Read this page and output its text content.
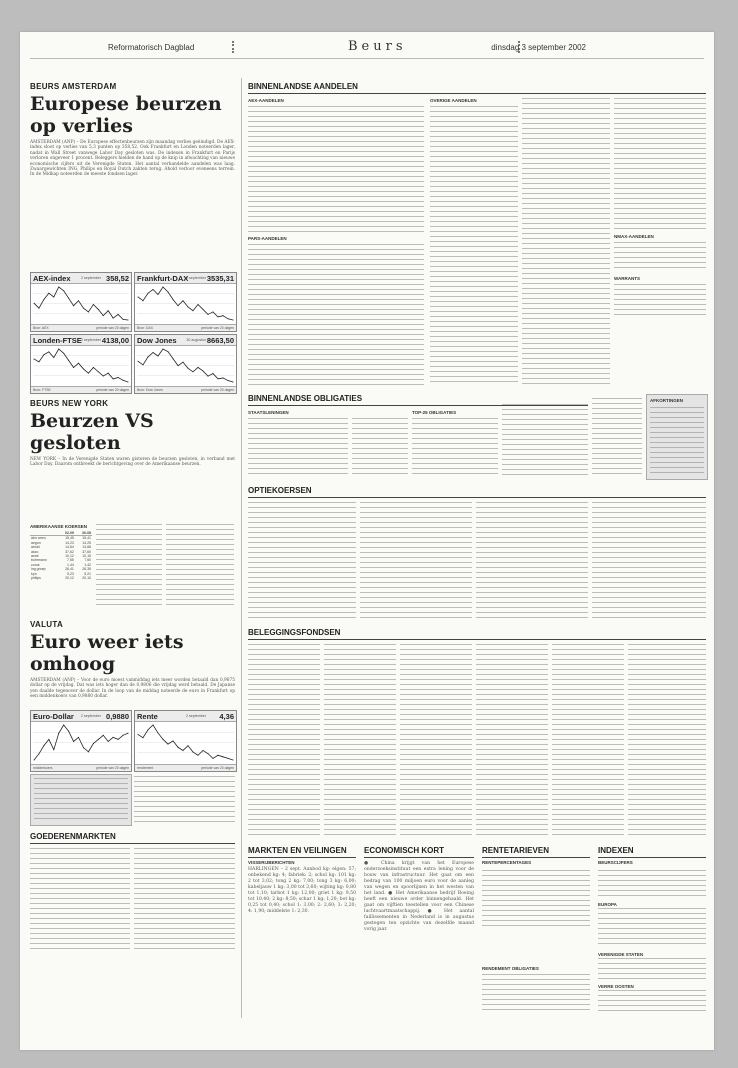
Reformatorisch Dagblad	Beurs	dinsdag 3 september 2002
BEURS AMSTERDAM
Europese beurzen op verlies
AMSTERDAM (ANP) – De Europese effectenbeurzen zijn maandag verlies geëindigd. De AEX-index sloot op verlies van 5,3 punten op 358,52. Ook Frankfurt en Londen noteerden lager, nadat in Wall Street vanwege Labor Day gesloten was. De indexen in Frankfurt en Parijs verloren ongeveer 1 procent. Beleggers hielden de hand op de knip in afwachting van nieuwe economische cijfers uit de Verenigde Staten. Het aantal verhandelde aandelen was laag. Zwaargewichten ING, Philips en Royal Dutch zakten terug. Ahold verloor eveneens terrein. In de Midkap noteerden de meeste fondsen lager.
AEX-index	2 september 358,52
Bron: AEX	periode van 20 dagen
Frankfurt-DAX
2 september 3535,31
Bron: DAX	periode van 20 dagen
Londen-FTSE 2 september 4138,00
Bron: FTSE	periode van 20 dagen
Dow Jones	30 augustus 8663,50
Bron: Dow Jones	periode van 20 dagen
BEURS NEW YORK
Beurzen VS gesloten
NEW YORK – In de Verenigde Staten waren gisteren de beurzen gesloten, in verband met Labor Day. Daarom ontbreekt de berichtgeving over de Amerikaanse beurzen.
AMERIKAANSE KOERSEN
	02-09	30-08
abn amro	15,45	15,41
aegon	14,23	14,25
ahold	14,64	14,68
akzo	37,62	37,60
asml	10,12	10,15
buhrmann	7,55	7,50
corus	1,44	1,42
ing groep	26,41	26,35
kpn	5,23	5,21
philips	20,12	20,10
VALUTA
Euro weer iets omhoog
AMSTERDAM (ANP) – Voor de euro moest vanmiddag iets meer worden betaald dan 0,9875 dollar op de vrijdag. Dat was iets hoger dan de 0,9806 die vrijdag werd betaald. De Japanse yen daalde tegenover de dollar. In de loop van de middag noteerde de euro in Frankfurt op een middenkoers van 0,9880 dollar.
Euro-Dollar 2 september 0,9880
middenkoers	periode van 20 dagen
Rente	2 september 4,36
rendement	periode van 20 dagen
GOEDERENMARKTEN
BINNENLANDSE AANDELEN
AEX-AANDELEN
PARS-AANDELEN
OVERIGE AANDELEN
NMAX-AANDELEN
WARRANTS
BINNENLANDSE OBLIGATIES
STAATSLENINGEN	TOP-25 OBLIGATIES
AFKORTINGEN
OPTIEKOERSEN
BELEGGINGSFONDSEN
MARKTEN EN VEILINGEN
VISSERIJBERICHTEN
HARLINGEN – 2 sept. Aanbod kg: elgen: 57; onbekend kg: 4; fabriek: 2; schol kg: 101 kg: 2 tot 3,02; tong 2 kg: 7,00; tong 3 kg: 6,00; kabeljauw 1 kg: 3,00 tot 3,60; wijting kg: 0,80 tot 1,10; tarbot 1 kg: 12,00; griet 1 kg: 9,50 tot 10,40; 2 kg: 8,50; schar 1 kg: 1,20; bot kg: 0,25 tot 0,40; schol 1: 3,00; 2: 2,60; 3: 2,20; 4: 1,90; middelste 1: 2,30.
ECONOMISCH KORT
● China krijgt van het Europese onderzoeksinstituut een extra lening voor de bouw van infrastructuur. Het gaat om een bedrag van 100 miljoen euro voor de aanleg van wegen en spoorlijnen in het westen van het land. ● Het Amerikaanse bedrijf Boeing heeft een nieuwe order binnengehaald. Het gaat om vijftien toestellen voor een Chinese luchtvaartmaatschappij. ● Het aantal faillissementen in Nederland is in augustus gestegen ten opzichte van dezelfde maand vorig jaar.
RENTETARIEVEN
RENTEPERCENTAGES
RENDEMENT OBLIGATIES
INDEXEN
BEURSCIJFERS
EUROPA
VERENIGDE STATEN
VERRE OOSTEN
